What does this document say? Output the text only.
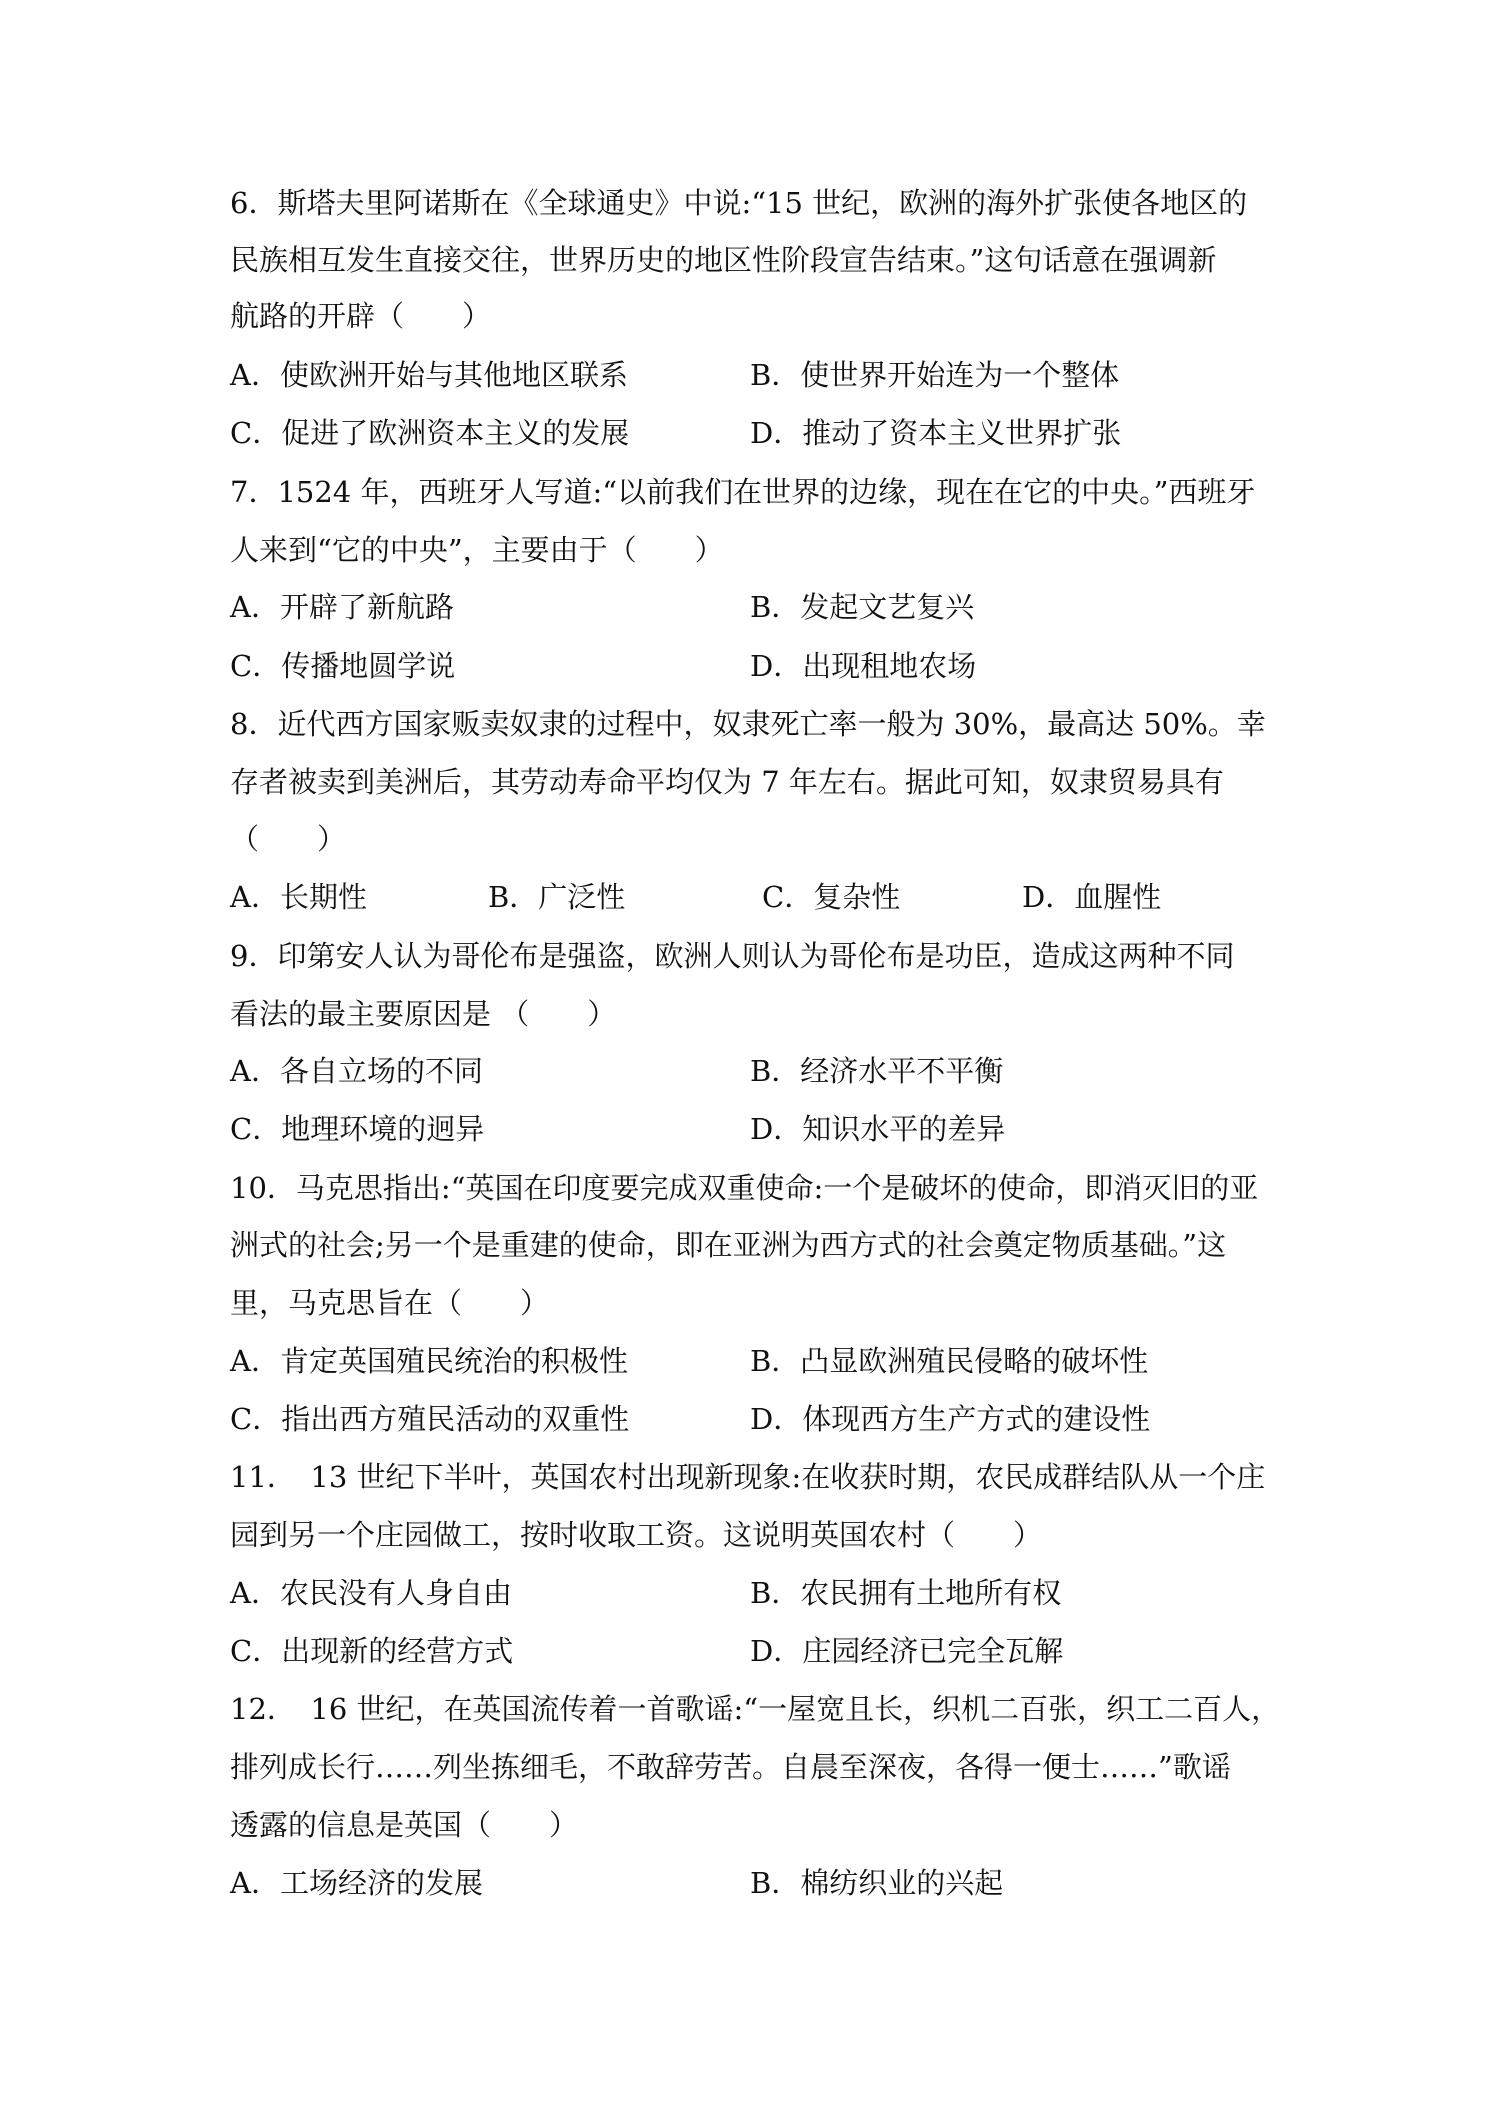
6．斯塔夫里阿诺斯在《全球通史》中说:“15 世纪，欧洲的海外扩张使各地区的
民族相互发生直接交往，世界历史的地区性阶段宣告结束。”这句话意在强调新
航路的开辟（　　）
A．使欧洲开始与其他地区联系	B．使世界开始连为一个整体
C．促进了欧洲资本主义的发展	D．推动了资本主义世界扩张
7．1524 年，西班牙人写道:“以前我们在世界的边缘，现在在它的中央。”西班牙
人来到“它的中央”，主要由于（　　）
A．开辟了新航路	B．发起文艺复兴
C．传播地圆学说	D．出现租地农场
8．近代西方国家贩卖奴隶的过程中，奴隶死亡率一般为 30%，最高达 50%。幸
存者被卖到美洲后，其劳动寿命平均仅为 7 年左右。据此可知，奴隶贸易具有
（　　）
A．长期性	B．广泛性	C．复杂性	D．血腥性
9．印第安人认为哥伦布是强盗，欧洲人则认为哥伦布是功臣，造成这两种不同
看法的最主要原因是 （　　）
A．各自立场的不同	B．经济水平不平衡
C．地理环境的迥异	D．知识水平的差异
10．马克思指出:“英国在印度要完成双重使命:一个是破坏的使命，即消灭旧的亚
洲式的社会;另一个是重建的使命，即在亚洲为西方式的社会奠定物质基础。”这
里，马克思旨在（　　）
A．肯定英国殖民统治的积极性	B．凸显欧洲殖民侵略的破坏性
C．指出西方殖民活动的双重性	D．体现西方生产方式的建设性
11．　13 世纪下半叶，英国农村出现新现象:在收获时期，农民成群结队从一个庄
园到另一个庄园做工，按时收取工资。这说明英国农村（　　）
A．农民没有人身自由	B．农民拥有土地所有权
C．出现新的经营方式	D．庄园经济已完全瓦解
12．　16 世纪，在英国流传着一首歌谣:“一屋宽且长，织机二百张，织工二百人，
排列成长行……列坐拣细毛，不敢辞劳苦。自晨至深夜，各得一便士……”歌谣
透露的信息是英国（　　）
A．工场经济的发展	B．棉纺织业的兴起
